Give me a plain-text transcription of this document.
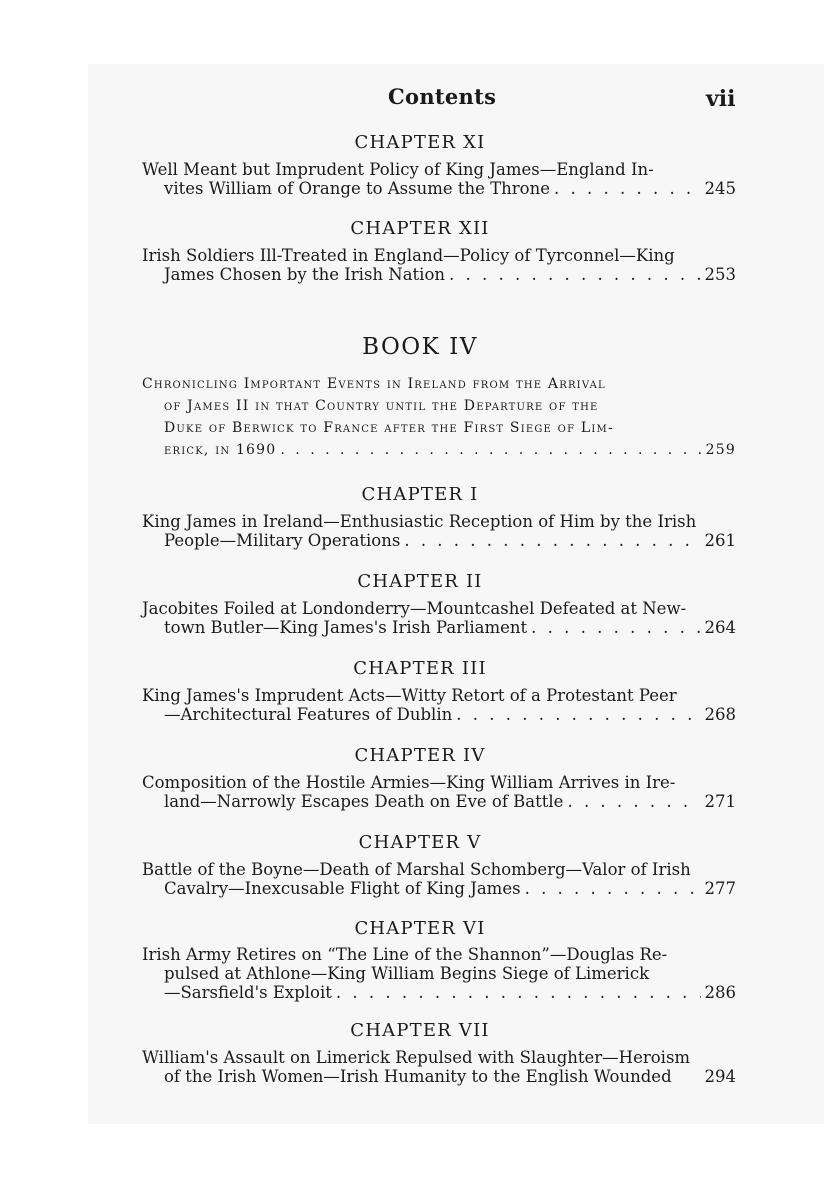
Contents	vii
CHAPTER XI
Well Meant but Imprudent Policy of King James—England In-
vites William of Orange to Assume the Throne . . .	245
CHAPTER XII
Irish Soldiers Ill-Treated in England—Policy of Tyrconnel—King
James Chosen by the Irish Nation . . .	253
BOOK IV
Chronicling Important Events in Ireland from the Arrival
of James II in that Country until the Departure of the
Duke of Berwick to France after the First Siege of Lim-
erick, in 1690 . . .	259
CHAPTER I
King James in Ireland—Enthusiastic Reception of Him by the Irish
People—Military Operations . . .	261
CHAPTER II
Jacobites Foiled at Londonderry—Mountcashel Defeated at New-
town Butler—King James's Irish Parliament . . .	264
CHAPTER III
King James's Imprudent Acts—Witty Retort of a Protestant Peer
—Architectural Features of Dublin . . .	268
CHAPTER IV
Composition of the Hostile Armies—King William Arrives in Ire-
land—Narrowly Escapes Death on Eve of Battle . . .	271
CHAPTER V
Battle of the Boyne—Death of Marshal Schomberg—Valor of Irish
Cavalry—Inexcusable Flight of King James . . .	277
CHAPTER VI
Irish Army Retires on “The Line of the Shannon”—Douglas Re-
pulsed at Athlone—King William Begins Siege of Limerick
—Sarsfield's Exploit . . .	286
CHAPTER VII
William's Assault on Limerick Repulsed with Slaughter—Heroism
of the Irish Women—Irish Humanity to the English Wounded 294
